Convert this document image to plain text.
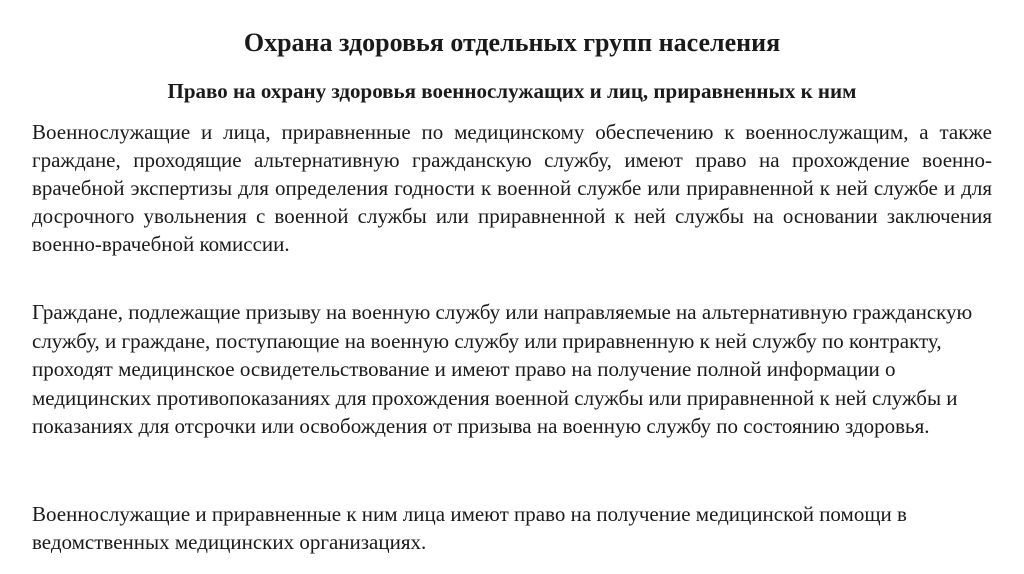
Охрана здоровья отдельных групп населения
Право на охрану здоровья военнослужащих и лиц, приравненных к ним

Военнослужащие и лица, приравненные по медицинскому обеспечению к военнослужащим, а также граждане, проходящие альтернативную гражданскую службу, имеют право на прохождение военно-врачебной экспертизы для определения годности к военной службе или приравненной к ней службе и для досрочного увольнения с военной службы или приравненной к ней службы на основании заключения военно-врачебной комиссии.

Граждане, подлежащие призыву на военную службу или направляемые на альтернативную гражданскую службу, и граждане, поступающие на военную службу или приравненную к ней службу по контракту, проходят медицинское освидетельствование и имеют право на получение полной информации о медицинских противопоказаниях для прохождения военной службы или приравненной к ней службы и показаниях для отсрочки или освобождения от призыва на военную службу по состоянию здоровья.

Военнослужащие и приравненные к ним лица имеют право на получение медицинской помощи в ведомственных медицинских организациях.
